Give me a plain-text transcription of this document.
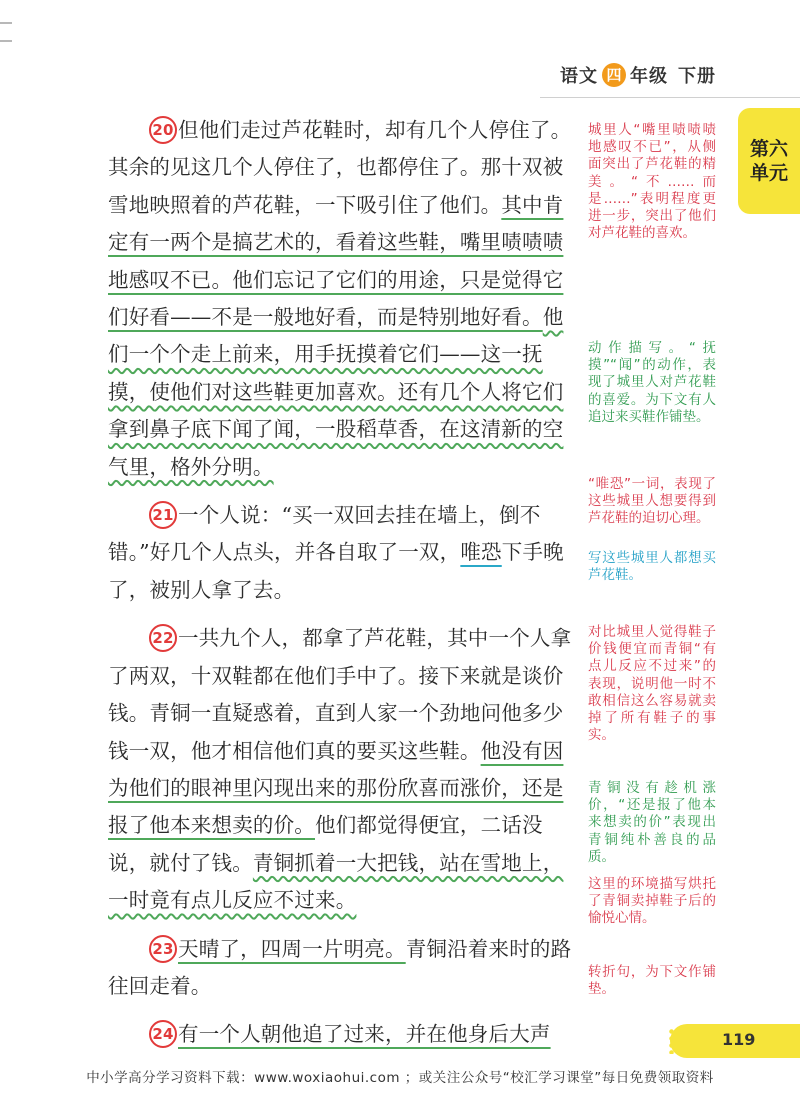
语文 四 年级 下册
第六
单元

20 但他们走过芦花鞋时，却有几个人停住了。其余的见这几个人停住了，也都停住了。那十双被雪地映照着的芦花鞋，一下吸引住了他们。其中肯定有一两个是搞艺术的，看着这些鞋，嘴里啧啧啧地感叹不已。他们忘记了它们的用途，只是觉得它们好看——不是一般地好看，而是特别地好看。他们一个个走上前来，用手抚摸着它们——这一抚摸，使他们对这些鞋更加喜欢。还有几个人将它们拿到鼻子底下闻了闻，一股稻草香，在这清新的空气里，格外分明。

21 一个人说：“买一双回去挂在墙上，倒不错。”好几个人点头，并各自取了一双，唯恐下手晚了，被别人拿了去。

22 一共九个人，都拿了芦花鞋，其中一个人拿了两双，十双鞋都在他们手中了。接下来就是谈价钱。青铜一直疑惑着，直到人家一个劲地问他多少钱一双，他才相信他们真的要买这些鞋。他没有因为他们的眼神里闪现出来的那份欣喜而涨价，还是报了他本来想卖的价。他们都觉得便宜，二话没说，就付了钱。青铜抓着一大把钱，站在雪地上，一时竟有点儿反应不过来。

23 天晴了，四周一片明亮。青铜沿着来时的路往回走着。

24 有一个人朝他追了过来，并在他身后大声

城里人“嘴里啧啧啧地感叹不已”，从侧面突出了芦花鞋的精美。“不……而是……”表明程度更进一步，突出了他们对芦花鞋的喜欢。

动作描写。“抚摸”“闻”的动作，表现了城里人对芦花鞋的喜爱。为下文有人追过来买鞋作铺垫。

“唯恐”一词，表现了这些城里人想要得到芦花鞋的迫切心理。

写这些城里人都想买芦花鞋。

对比城里人觉得鞋子价钱便宜而青铜“有点儿反应不过来”的表现，说明他一时不敢相信这么容易就卖掉了所有鞋子的事实。

青铜没有趁机涨价，“还是报了他本来想卖的价”表现出青铜纯朴善良的品质。

这里的环境描写烘托了青铜卖掉鞋子后的愉悦心情。

转折句，为下文作铺垫。

119
中小学高分学习资料下载：www.woxiaohui.com ；或关注公众号“校汇学习课堂”每日免费领取资料
